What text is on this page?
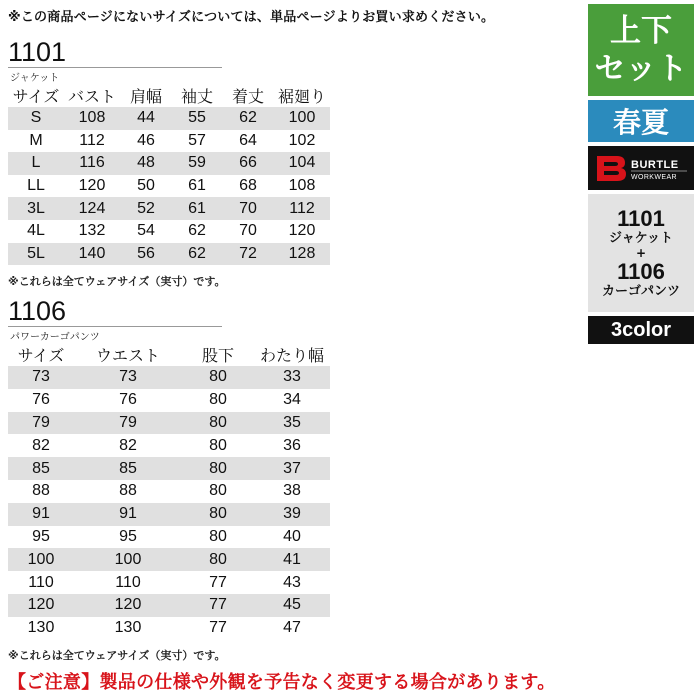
※この商品ページにないサイズについては、単品ページよりお買い求めください。
1101
ジャケット
サイズ	バスト	肩幅	袖丈	着丈	裾廻り
S	108	44	55	62	100
M	112	46	57	64	102
L	116	48	59	66	104
LL	120	50	61	68	108
3L	124	52	61	70	112
4L	132	54	62	70	120
5L	140	56	62	72	128
※これらは全てウェアサイズ（実寸）です。
1106
パワーカーゴパンツ
サイズ	ウエスト	股下	わたり幅
73	73	80	33
76	76	80	34
79	79	80	35
82	82	80	36
85	85	80	37
88	88	80	38
91	91	80	39
95	95	80	40
100	100	80	41
110	110	77	43
120	120	77	45
130	130	77	47
※これらは全てウェアサイズ（実寸）です。
【ご注意】製品の仕様や外観を予告なく変更する場合があります。
上下
セット
春夏
BURTLE
WORKWEAR
1101
ジャケット
+
1106
カーゴパンツ
3color
